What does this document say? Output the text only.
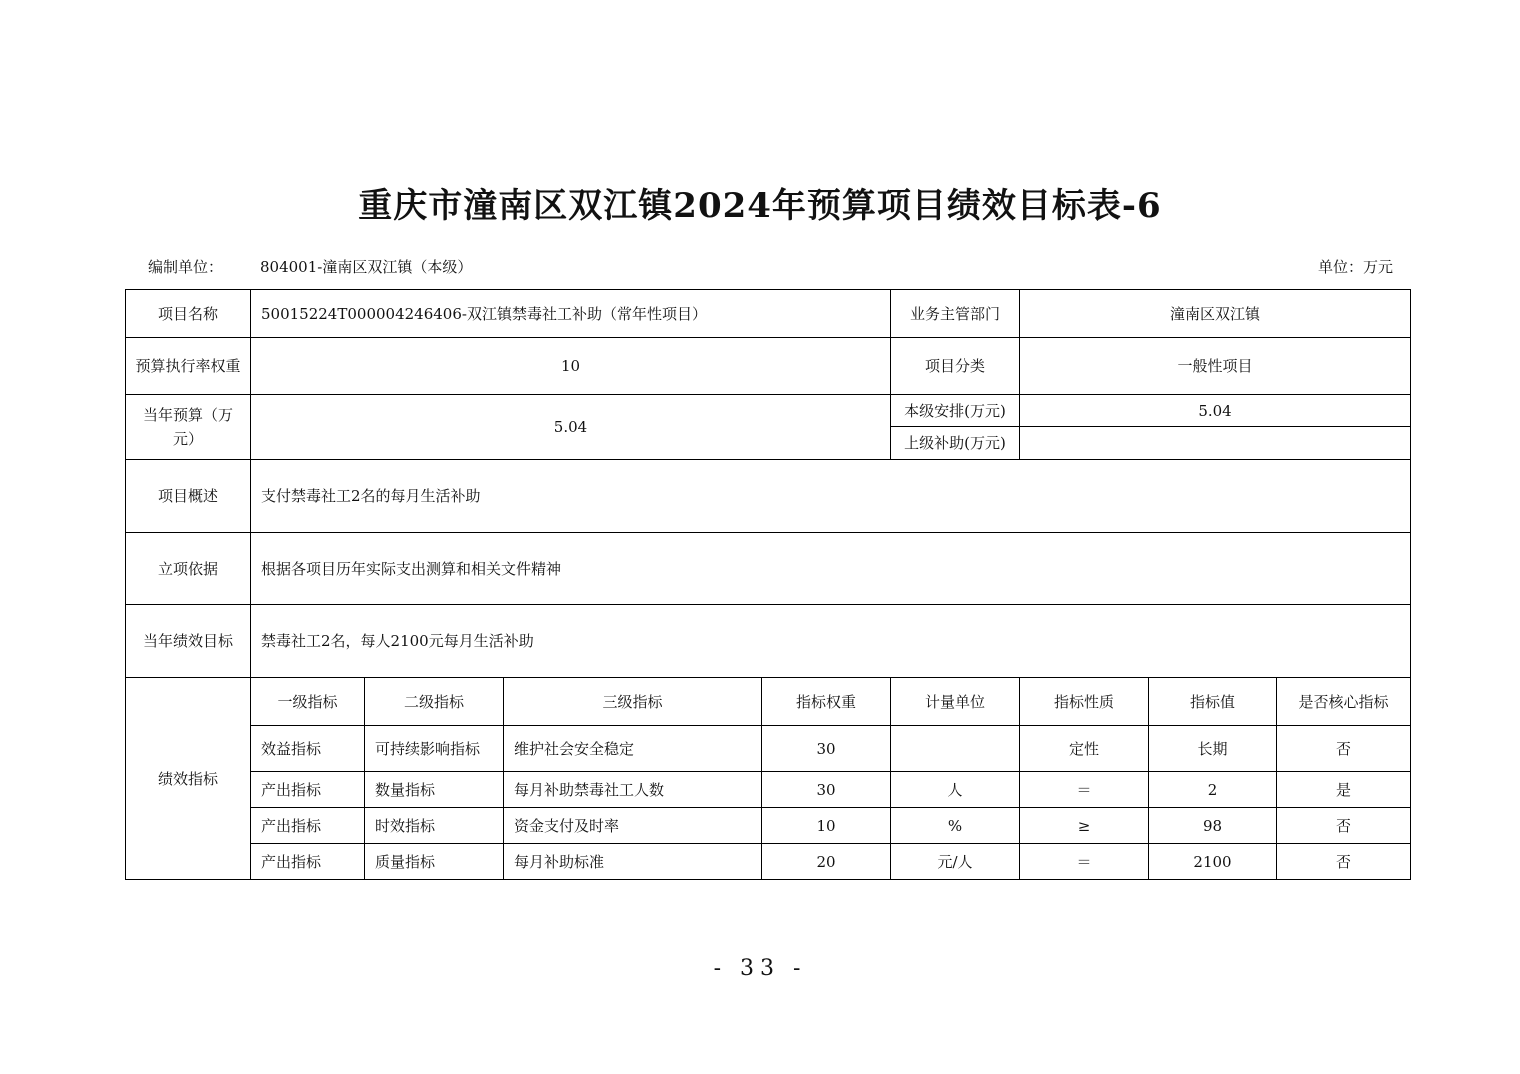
重庆市潼南区双江镇2024年预算项目绩效目标表-6
编制单位： 804001-潼南区双江镇（本级）	单位：万元
项目名称	50015224T000004246406-双江镇禁毒社工补助（常年性项目）				业务主管部门	潼南区双江镇		
预算执行率权重	10				项目分类	一般性项目		
当年预算（万元）	5.04				本级安排(万元)	5.04		
					上级补助(万元)			
项目概述	支付禁毒社工2名的每月生活补助							
立项依据	根据各项目历年实际支出测算和相关文件精神							
当年绩效目标	禁毒社工2名，每人2100元每月生活补助							
绩效指标	一级指标	二级指标	三级指标	指标权重	计量单位	指标性质	指标值	是否核心指标
	效益指标	可持续影响指标	维护社会安全稳定	30		定性	长期	否
	产出指标	数量指标	每月补助禁毒社工人数	30	人	＝	2	是
	产出指标	时效指标	资金支付及时率	10	%	≥	98	否
	产出指标	质量指标	每月补助标准	20	元/人	＝	2100	否
- 33 -
